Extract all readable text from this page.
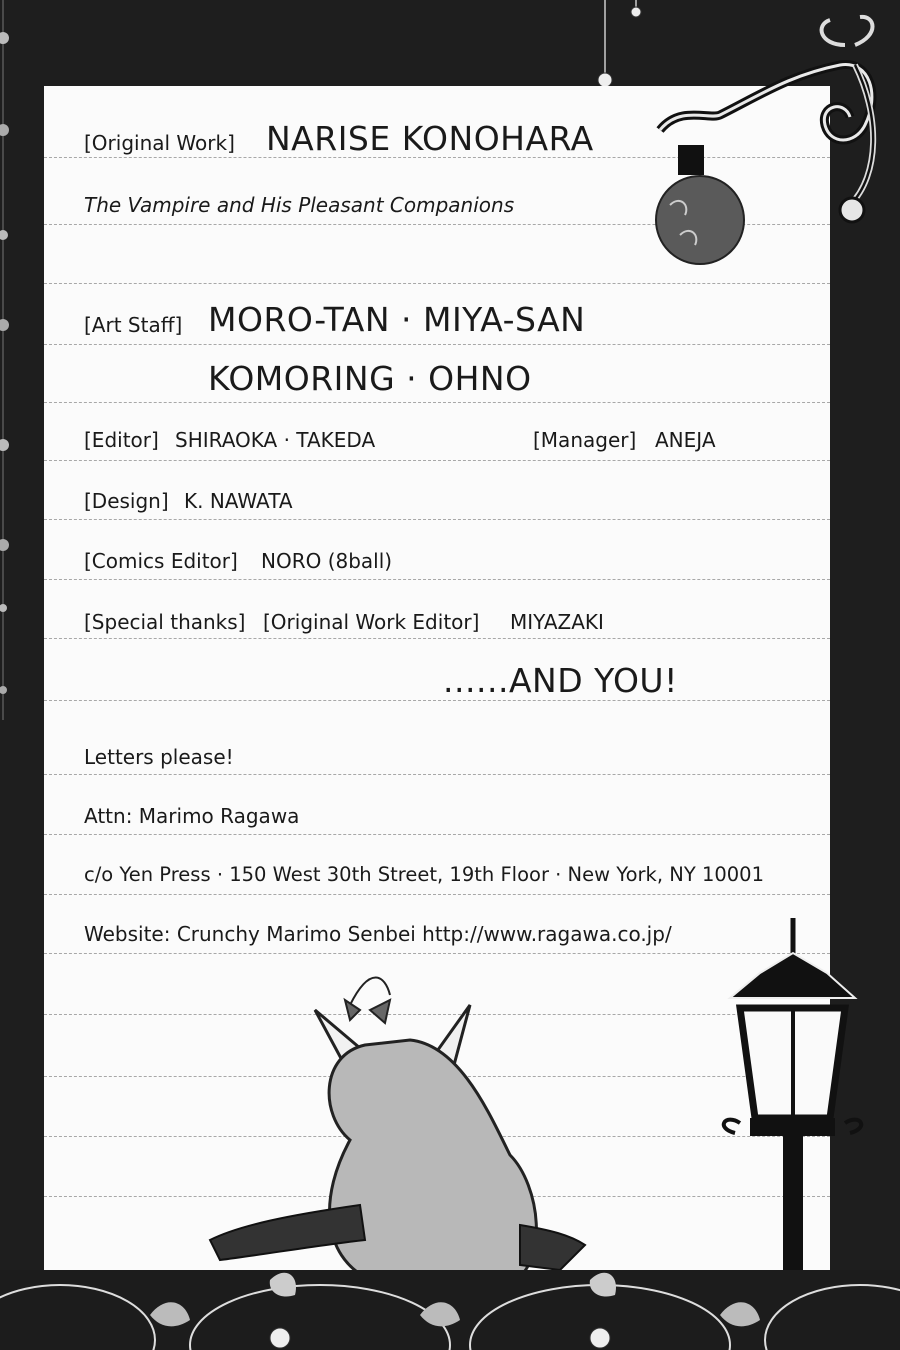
[Original Work] NARISE KONOHARA
The Vampire and His Pleasant Companions
[Art Staff] MORO-TAN · MIYA-SAN
KOMORING · OHNO
[Editor] SHIRAOKA · TAKEDA	[Manager] ANEJA
[Design] K. NAWATA
[Comics Editor] NORO (8ball)
[Special thanks] [Original Work Editor] MIYAZAKI
......AND YOU!
Letters please!
Attn: Marimo Ragawa
c/o Yen Press · 150 West 30th Street, 19th Floor · New York, NY 10001
Website: Crunchy Marimo Senbei http://www.ragawa.co.jp/
